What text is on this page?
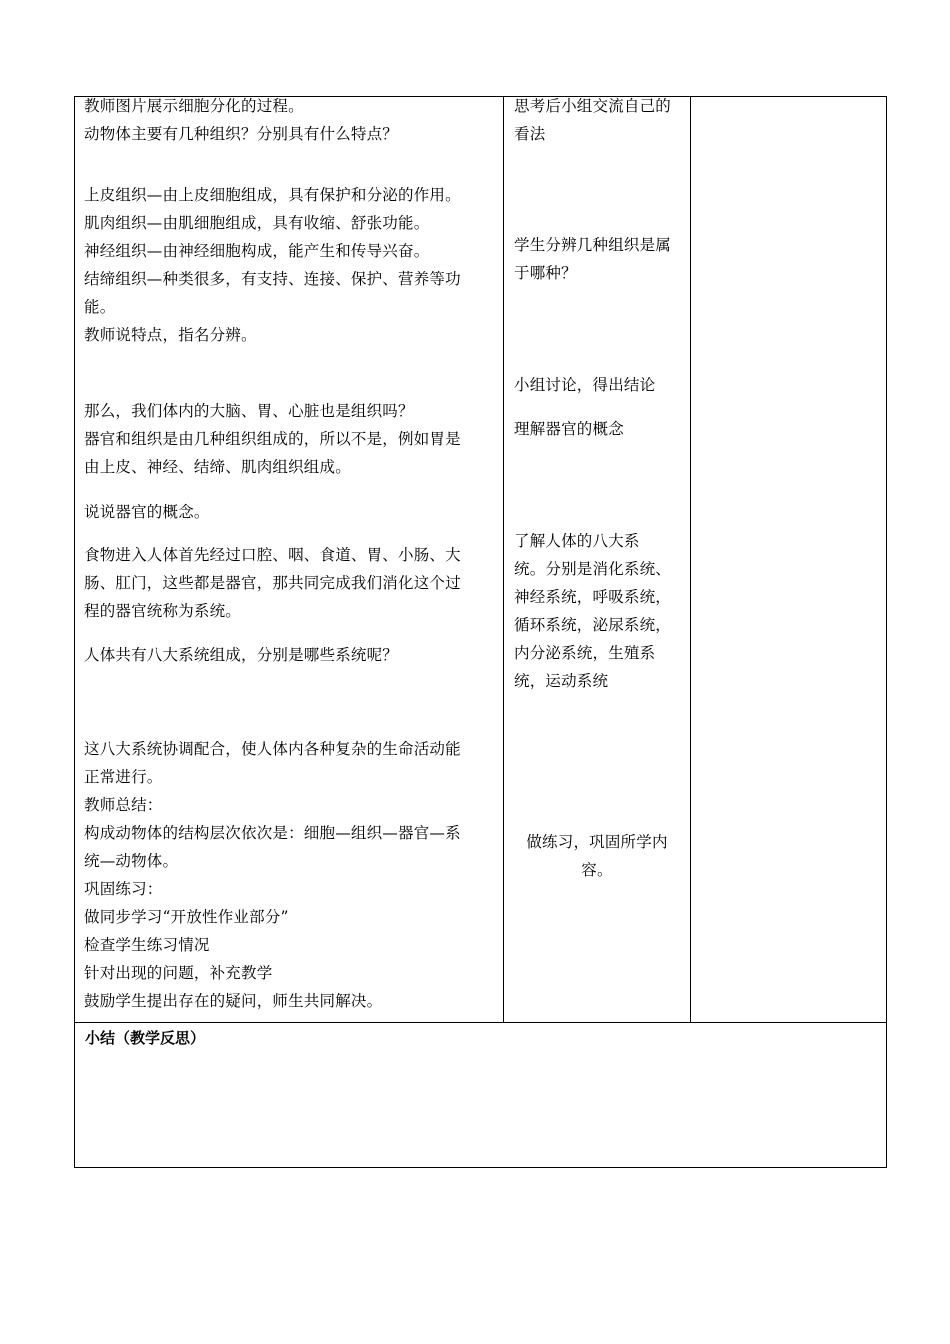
教师图片展示细胞分化的过程。
动物体主要有几种组织？分别具有什么特点？
上皮组织—由上皮细胞组成，具有保护和分泌的作用。
肌肉组织—由肌细胞组成，具有收缩、舒张功能。
神经组织—由神经细胞构成，能产生和传导兴奋。
结缔组织—种类很多，有支持、连接、保护、营养等功
能。
教师说特点，指名分辨。
那么，我们体内的大脑、胃、心脏也是组织吗？
器官和组织是由几种组织组成的，所以不是，例如胃是
由上皮、神经、结缔、肌肉组织组成。
说说器官的概念。
食物进入人体首先经过口腔、咽、食道、胃、小肠、大
肠、肛门，这些都是器官，那共同完成我们消化这个过
程的器官统称为系统。
人体共有八大系统组成，分别是哪些系统呢？
这八大系统协调配合，使人体内各种复杂的生命活动能
正常进行。
教师总结：
构成动物体的结构层次依次是：细胞—组织—器官—系
统—动物体。
巩固练习：
做同步学习“开放性作业部分”
检查学生练习情况
针对出现的问题，补充教学
鼓励学生提出存在的疑问，师生共同解决。
思考后小组交流自己的
看法
学生分辨几种组织是属
于哪种？
小组讨论，得出结论
理解器官的概念
了解人体的八大系
统。分别是消化系统、
神经系统，呼吸系统，
循环系统，泌尿系统，
内分泌系统，生殖系
统，运动系统
做练习，巩固所学内
容。
小结（教学反思）
